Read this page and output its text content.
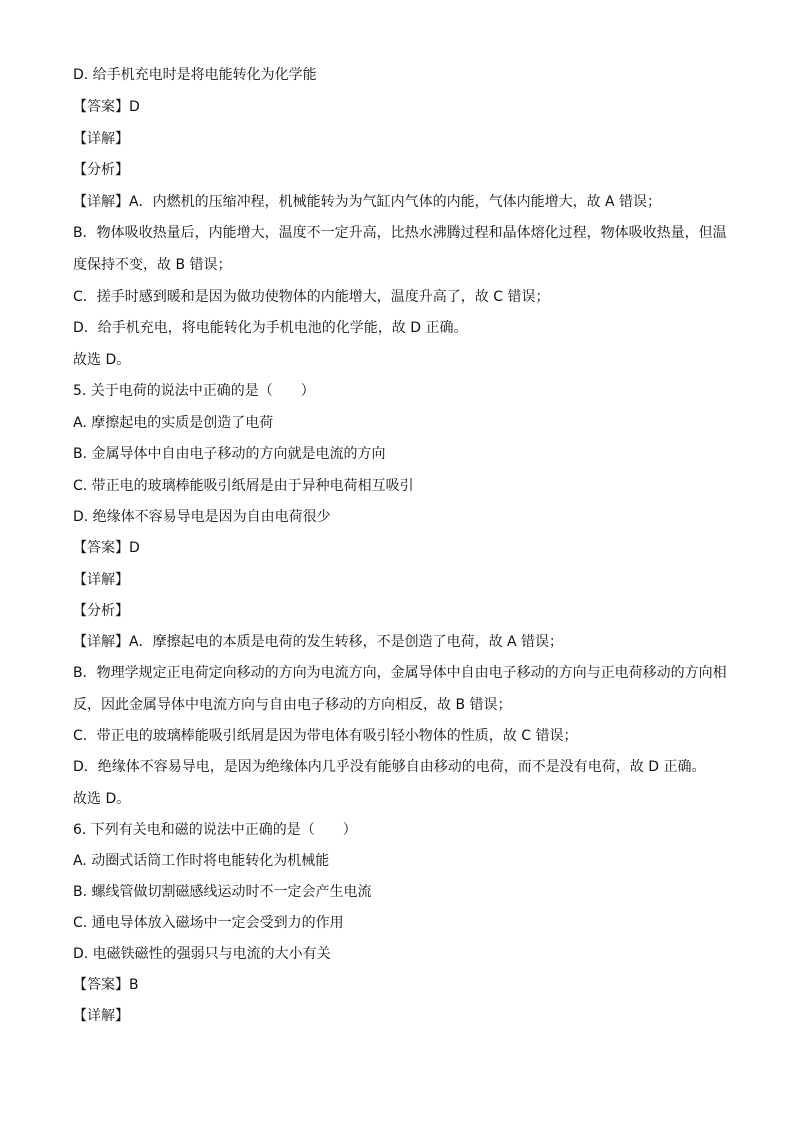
D. 给手机充电时是将电能转化为化学能
【答案】D
【详解】
【分析】
【详解】A．内燃机的压缩冲程，机械能转为为气缸内气体的内能，气体内能增大，故 A 错误；
B．物体吸收热量后，内能增大，温度不一定升高，比热水沸腾过程和晶体熔化过程，物体吸收热量，但温度保持不变，故 B 错误；
C．搓手时感到暖和是因为做功使物体的内能增大，温度升高了，故 C 错误；
D．给手机充电，将电能转化为手机电池的化学能，故 D 正确。
故选 D。
5. 关于电荷的说法中正确的是（　　）
A. 摩擦起电的实质是创造了电荷
B. 金属导体中自由电子移动的方向就是电流的方向
C. 带正电的玻璃棒能吸引纸屑是由于异种电荷相互吸引
D. 绝缘体不容易导电是因为自由电荷很少
【答案】D
【详解】
【分析】
【详解】A．摩擦起电的本质是电荷的发生转移，不是创造了电荷，故 A 错误；
B．物理学规定正电荷定向移动的方向为电流方向，金属导体中自由电子移动的方向与正电荷移动的方向相反，因此金属导体中电流方向与自由电子移动的方向相反，故 B 错误；
C．带正电的玻璃棒能吸引纸屑是因为带电体有吸引轻小物体的性质，故 C 错误；
D．绝缘体不容易导电，是因为绝缘体内几乎没有能够自由移动的电荷，而不是没有电荷，故 D 正确。
故选 D。
6. 下列有关电和磁的说法中正确的是（　　）
A. 动圈式话筒工作时将电能转化为机械能
B. 螺线管做切割磁感线运动时不一定会产生电流
C. 通电导体放入磁场中一定会受到力的作用
D. 电磁铁磁性的强弱只与电流的大小有关
【答案】B
【详解】
